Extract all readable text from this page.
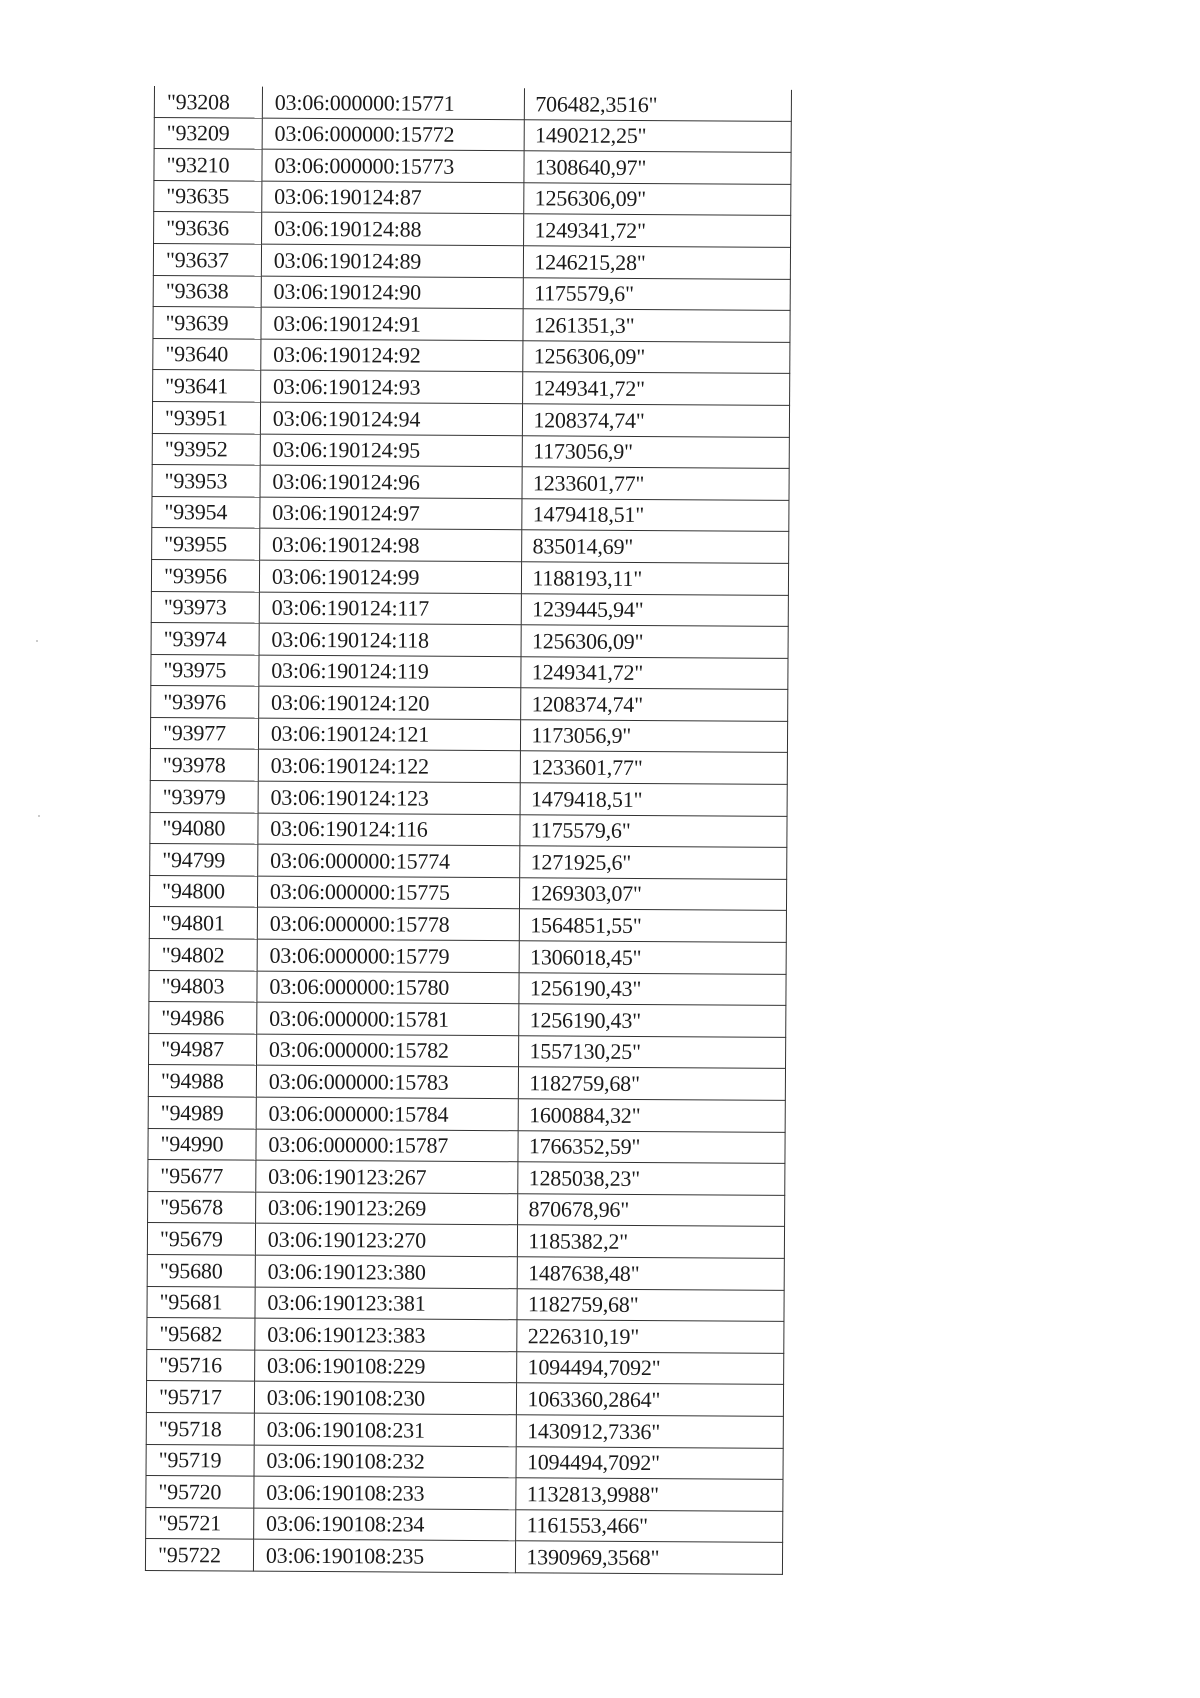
"93208	03:06:000000:15771	706482,3516"
"93209	03:06:000000:15772	1490212,25"
"93210	03:06:000000:15773	1308640,97"
"93635	03:06:190124:87	1256306,09"
"93636	03:06:190124:88	1249341,72"
"93637	03:06:190124:89	1246215,28"
"93638	03:06:190124:90	1175579,6"
"93639	03:06:190124:91	1261351,3"
"93640	03:06:190124:92	1256306,09"
"93641	03:06:190124:93	1249341,72"
"93951	03:06:190124:94	1208374,74"
"93952	03:06:190124:95	1173056,9"
"93953	03:06:190124:96	1233601,77"
"93954	03:06:190124:97	1479418,51"
"93955	03:06:190124:98	835014,69"
"93956	03:06:190124:99	1188193,11"
"93973	03:06:190124:117	1239445,94"
"93974	03:06:190124:118	1256306,09"
"93975	03:06:190124:119	1249341,72"
"93976	03:06:190124:120	1208374,74"
"93977	03:06:190124:121	1173056,9"
"93978	03:06:190124:122	1233601,77"
"93979	03:06:190124:123	1479418,51"
"94080	03:06:190124:116	1175579,6"
"94799	03:06:000000:15774	1271925,6"
"94800	03:06:000000:15775	1269303,07"
"94801	03:06:000000:15778	1564851,55"
"94802	03:06:000000:15779	1306018,45"
"94803	03:06:000000:15780	1256190,43"
"94986	03:06:000000:15781	1256190,43"
"94987	03:06:000000:15782	1557130,25"
"94988	03:06:000000:15783	1182759,68"
"94989	03:06:000000:15784	1600884,32"
"94990	03:06:000000:15787	1766352,59"
"95677	03:06:190123:267	1285038,23"
"95678	03:06:190123:269	870678,96"
"95679	03:06:190123:270	1185382,2"
"95680	03:06:190123:380	1487638,48"
"95681	03:06:190123:381	1182759,68"
"95682	03:06:190123:383	2226310,19"
"95716	03:06:190108:229	1094494,7092"
"95717	03:06:190108:230	1063360,2864"
"95718	03:06:190108:231	1430912,7336"
"95719	03:06:190108:232	1094494,7092"
"95720	03:06:190108:233	1132813,9988"
"95721	03:06:190108:234	1161553,466"
"95722	03:06:190108:235	1390969,3568"
